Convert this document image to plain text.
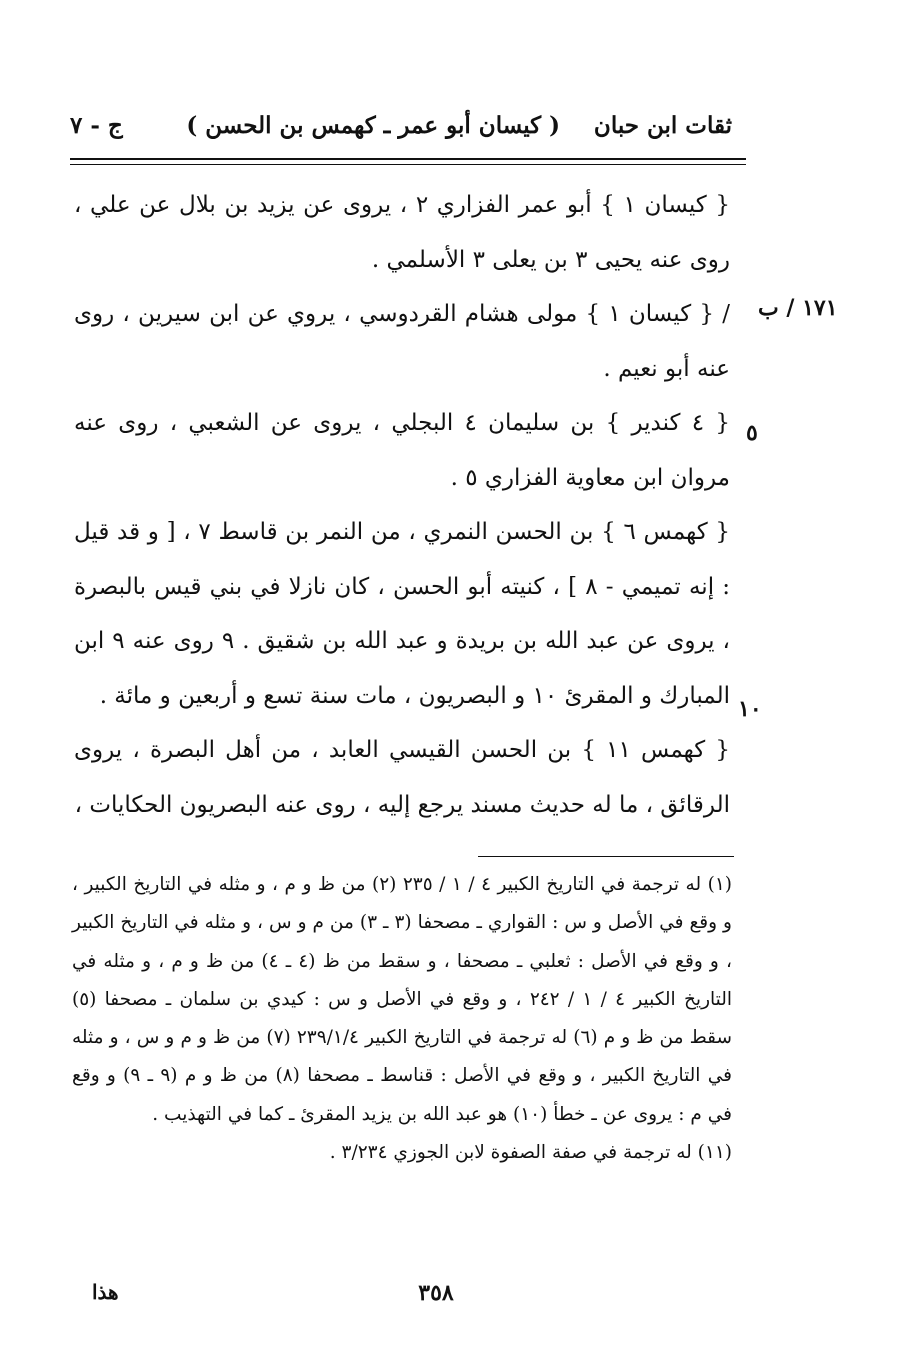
ثقات ابن حبان
( كيسان أبو عمر ـ كهمس بن الحسن )
ج - ٧
١٧١ / ب
٥
١٠

{ كيسان ١ } أبو عمر الفزاري ٢ ، يروى عن يزيد بن بلال عن علي ، روى عنه يحيى ٣ بن يعلى ٣ الأسلمي .

/ { كيسان ١ } مولى هشام القردوسي ، يروي عن ابن سيرين ، روى عنه أبو نعيم .

{ ٤ كندير } بن سليمان ٤ البجلي ، يروى عن الشعبي ، روى عنه مروان ابن معاوية الفزاري ٥ .

{ كهمس ٦ } بن الحسن النمري ، من النمر بن قاسط ٧ ، [ و قد قيل : إنه تميمي - ٨ ] ، كنيته أبو الحسن ، كان نازلا في بني قيس بالبصرة ، يروى عن عبد الله بن بريدة و عبد الله بن شقيق . ٩ روى عنه ٩ ابن المبارك و المقرئ ١٠ و البصريون ، مات سنة تسع و أربعين و مائة .

{ كهمس ١١ } بن الحسن القيسي العابد ، من أهل البصرة ، يروى الرقائق ، ما له حديث مسند يرجع إليه ، روى عنه البصريون الحكايات ،

(١) له ترجمة في التاريخ الكبير ٤ / ١ / ٢٣٥ (٢) من ظ و م ، و مثله في التاريخ الكبير ، و وقع في الأصل و س : القواري ـ مصحفا (٣ ـ ٣) من م و س ، و مثله في التاريخ الكبير ، و وقع في الأصل : ثعلبي ـ مصحفا ، و سقط من ظ (٤ ـ ٤) من ظ و م ، و مثله في التاريخ الكبير ٤ / ١ / ٢٤٢ ، و وقع في الأصل و س : كيدي بن سلمان ـ مصحفا (٥) سقط من ظ و م (٦) له ترجمة في التاريخ الكبير ٢٣٩/١/٤ (٧) من ظ و م و س ، و مثله في التاريخ الكبير ، و وقع في الأصل : قناسط ـ مصحفا (٨) من ظ و م (٩ ـ ٩) و وقع في م : يروى عن ـ خطأ (١٠) هو عبد الله بن يزيد المقرئ ـ كما في التهذيب .

(١١) له ترجمة في صفة الصفوة لابن الجوزي ٣/٢٣٤ .

٣٥٨
هذا
